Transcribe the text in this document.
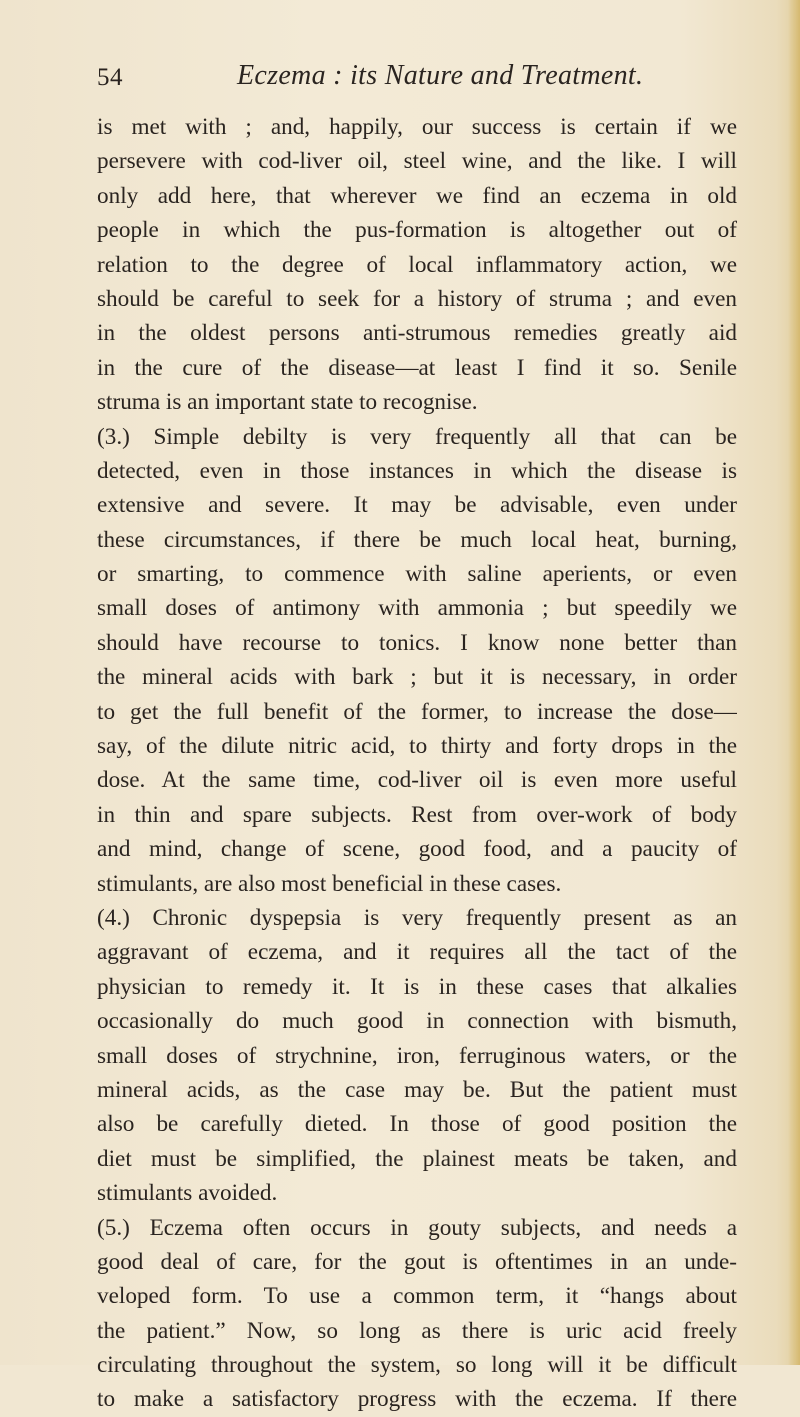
54	Eczema : its Nature and Treatment.
is met with ; and, happily, our success is certain if we
persevere with cod-liver oil, steel wine, and the like. I will
only add here, that wherever we find an eczema in old
people in which the pus-formation is altogether out of
relation to the degree of local inflammatory action, we
should be careful to seek for a history of struma ; and even
in the oldest persons anti-strumous remedies greatly aid
in the cure of the disease—at least I find it so. Senile
struma is an important state to recognise.
(3.) Simple debilty is very frequently all that can be
detected, even in those instances in which the disease is
extensive and severe. It may be advisable, even under
these circumstances, if there be much local heat, burning,
or smarting, to commence with saline aperients, or even
small doses of antimony with ammonia ; but speedily we
should have recourse to tonics. I know none better than
the mineral acids with bark ; but it is necessary, in order
to get the full benefit of the former, to increase the dose—
say, of the dilute nitric acid, to thirty and forty drops in the
dose. At the same time, cod-liver oil is even more useful
in thin and spare subjects. Rest from over-work of body
and mind, change of scene, good food, and a paucity of
stimulants, are also most beneficial in these cases.
(4.) Chronic dyspepsia is very frequently present as an
aggravant of eczema, and it requires all the tact of the
physician to remedy it. It is in these cases that alkalies
occasionally do much good in connection with bismuth,
small doses of strychnine, iron, ferruginous waters, or the
mineral acids, as the case may be. But the patient must
also be carefully dieted. In those of good position the
diet must be simplified, the plainest meats be taken, and
stimulants avoided.
(5.) Eczema often occurs in gouty subjects, and needs a
good deal of care, for the gout is oftentimes in an unde-
veloped form. To use a common term, it “hangs about
the patient.” Now, so long as there is uric acid freely
circulating throughout the system, so long will it be difficult
to make a satisfactory progress with the eczema. If there
